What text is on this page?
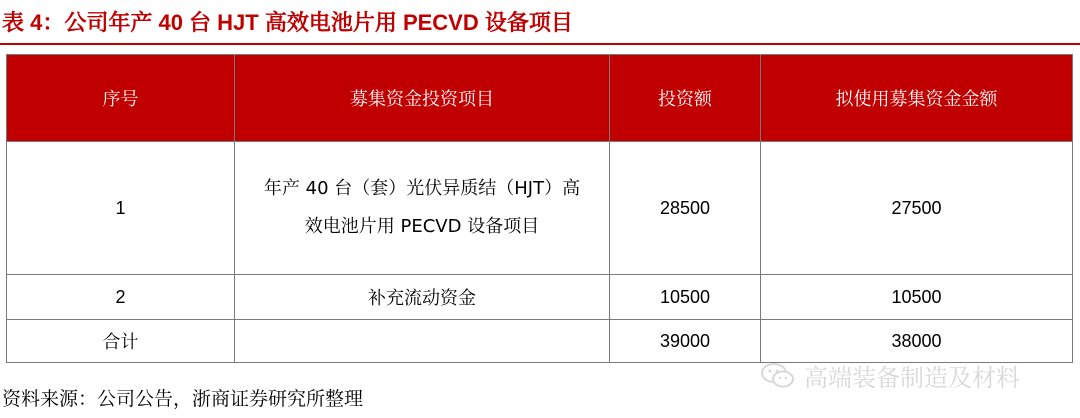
表 4：公司年产 40 台 HJT 高效电池片用 PECVD 设备项目
序号	募集资金投资项目	投资额	拟使用募集资金金额
1	年产 40 台（套）光伏异质结（HJT）高效电池片用 PECVD 设备项目	28500	27500
2	补充流动资金	10500	10500
合计		39000	38000
高端装备制造及材料
资料来源：公司公告，浙商证券研究所整理
